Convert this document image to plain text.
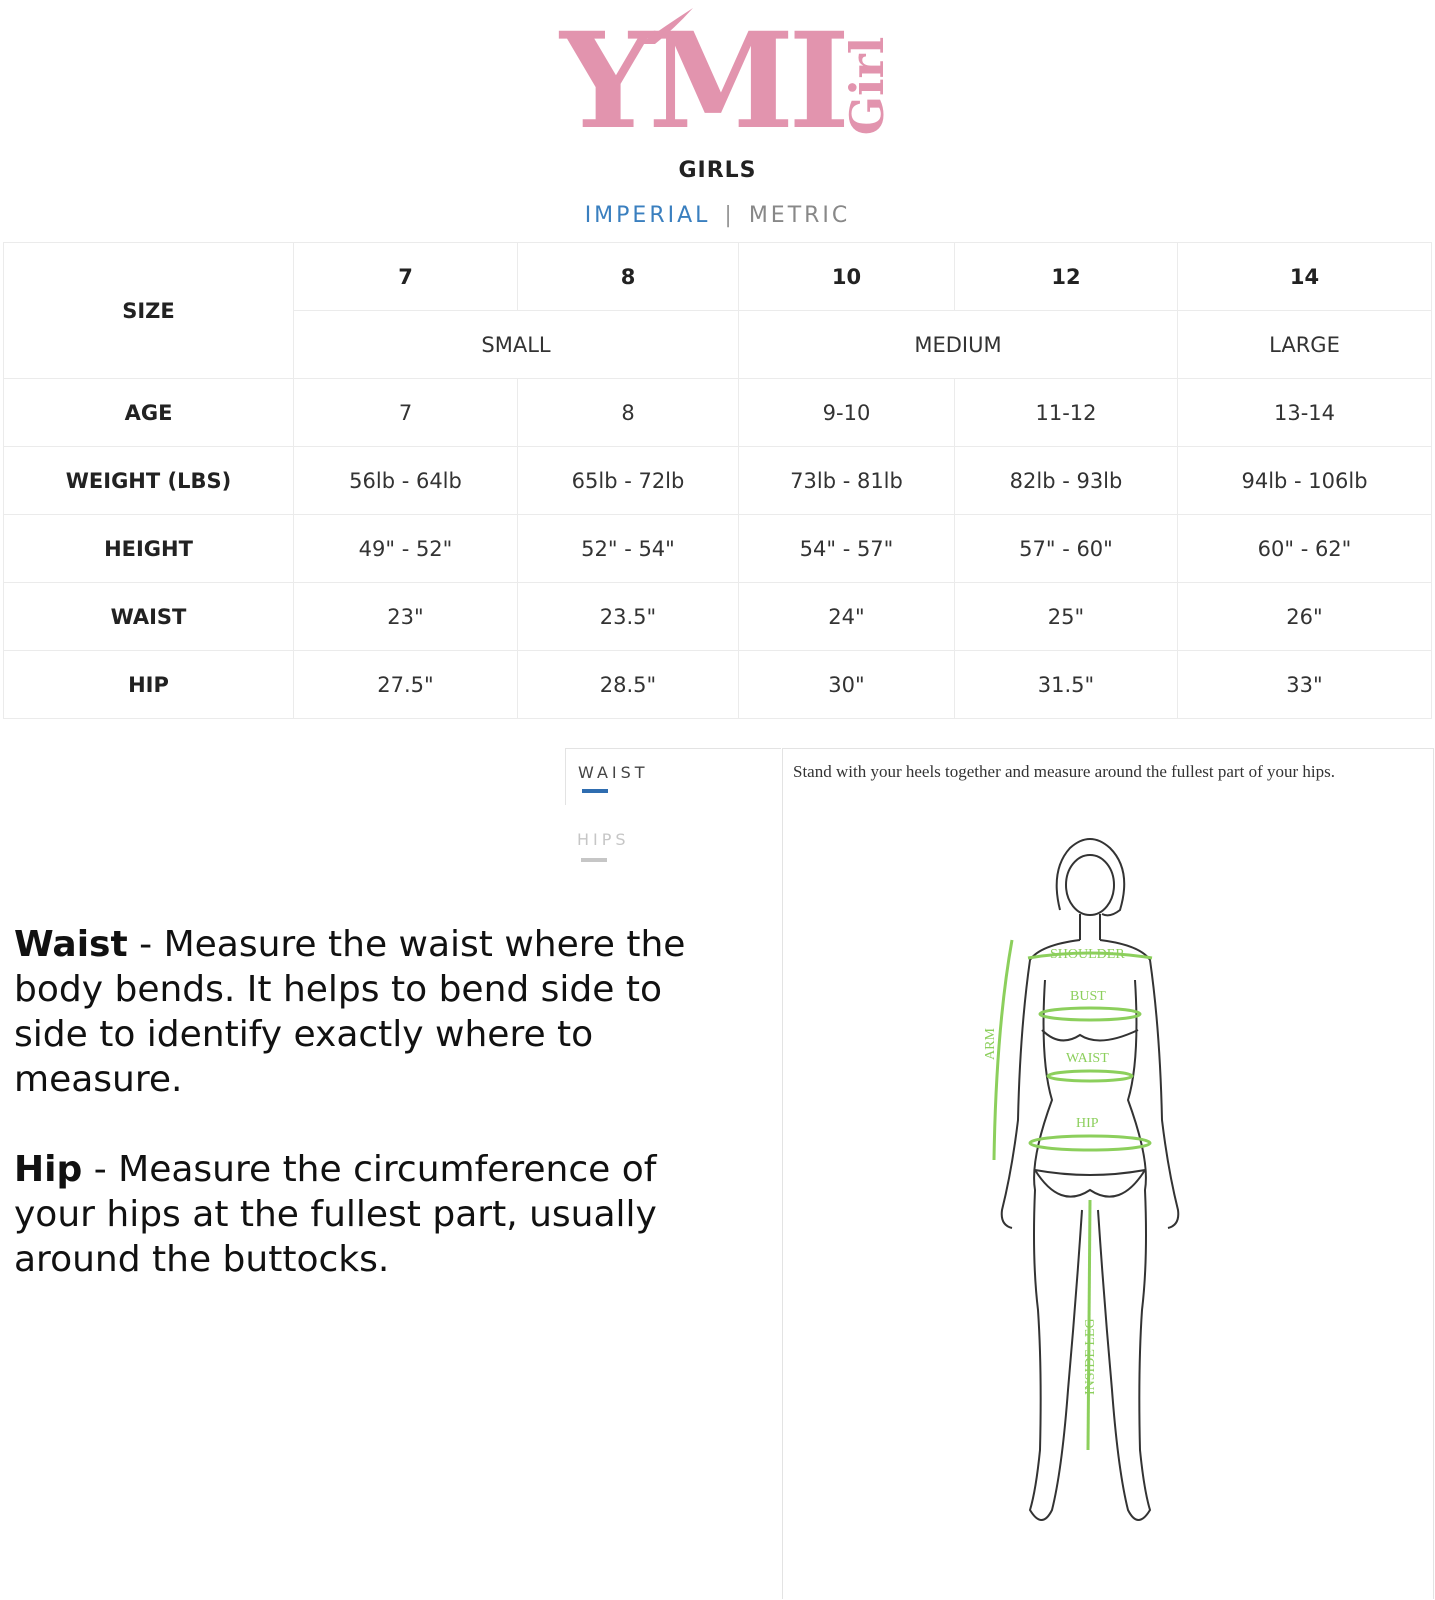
YMI
Girl
GIRLS
IMPERIAL | METRIC
SIZE	7	8	10	12	14
	SMALL		MEDIUM		LARGE
AGE	7	8	9-10	11-12	13-14
WEIGHT (LBS)	56lb - 64lb	65lb - 72lb	73lb - 81lb	82lb - 93lb	94lb - 106lb
HEIGHT	49" - 52"	52" - 54"	54" - 57"	57" - 60"	60" - 62"
WAIST	23"	23.5"	24"	25"	26"
HIP	27.5"	28.5"	30"	31.5"	33"
WAIST
HIPS
Stand with your heels together and measure around the fullest part of your hips.
SHOULDER
BUST
WAIST
HIP
ARM
INSIDE LEG

Waist - Measure the waist where the body bends. It helps to bend side to side to identify exactly where to measure.

Hip - Measure the circumference of your hips at the fullest part, usually around the buttocks.
